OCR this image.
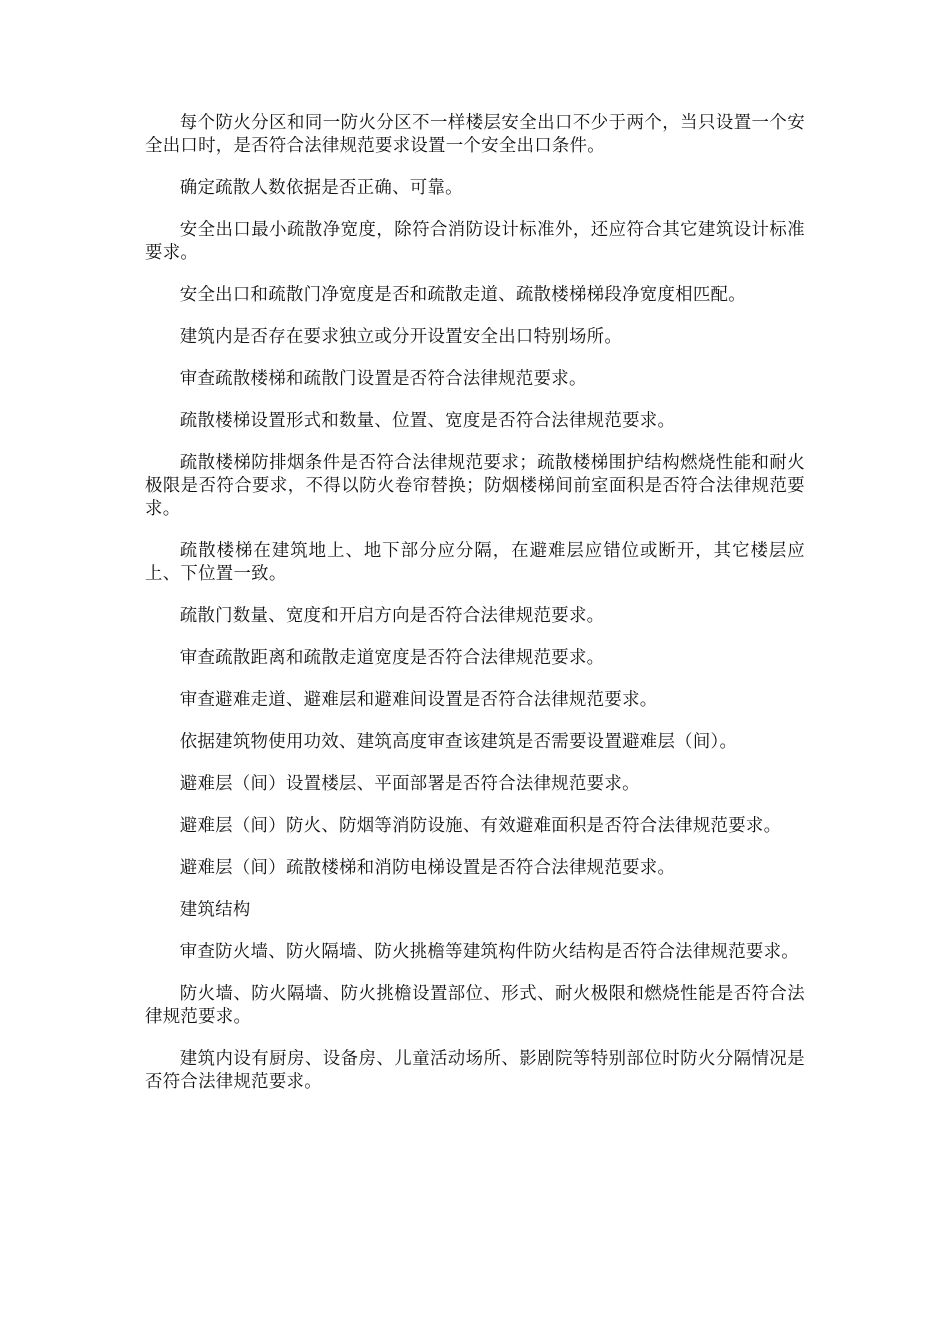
每个防火分区和同一防火分区不一样楼层安全出口不少于两个，当只设置一个安全出口时，是否符合法律规范要求设置一个安全出口条件。

确定疏散人数依据是否正确、可靠。

安全出口最小疏散净宽度，除符合消防设计标准外，还应符合其它建筑设计标准要求。

安全出口和疏散门净宽度是否和疏散走道、疏散楼梯梯段净宽度相匹配。

建筑内是否存在要求独立或分开设置安全出口特别场所。

审查疏散楼梯和疏散门设置是否符合法律规范要求。

疏散楼梯设置形式和数量、位置、宽度是否符合法律规范要求。

疏散楼梯防排烟条件是否符合法律规范要求；疏散楼梯围护结构燃烧性能和耐火极限是否符合要求，不得以防火卷帘替换；防烟楼梯间前室面积是否符合法律规范要求。

疏散楼梯在建筑地上、地下部分应分隔，在避难层应错位或断开，其它楼层应上、下位置一致。

疏散门数量、宽度和开启方向是否符合法律规范要求。

审查疏散距离和疏散走道宽度是否符合法律规范要求。

审查避难走道、避难层和避难间设置是否符合法律规范要求。

依据建筑物使用功效、建筑高度审查该建筑是否需要设置避难层（间）。

避难层（间）设置楼层、平面部署是否符合法律规范要求。

避难层（间）防火、防烟等消防设施、有效避难面积是否符合法律规范要求。

避难层（间）疏散楼梯和消防电梯设置是否符合法律规范要求。

建筑结构

审查防火墙、防火隔墙、防火挑檐等建筑构件防火结构是否符合法律规范要求。

防火墙、防火隔墙、防火挑檐设置部位、形式、耐火极限和燃烧性能是否符合法律规范要求。

建筑内设有厨房、设备房、儿童活动场所、影剧院等特别部位时防火分隔情况是否符合法律规范要求。
